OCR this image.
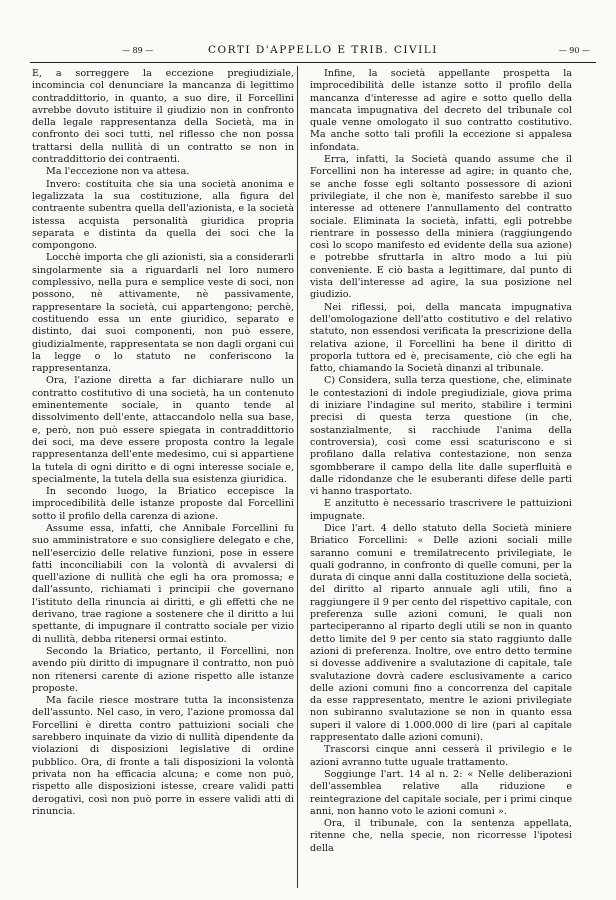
— 89 —	CORTI D'APPELLO E TRIB. CIVILI	— 90 —

E, a sorreggere la eccezione pregiudiziale, incomincia col denunciare la mancanza di legittimo contraddittorio, in quanto, a suo dire, il Forcellini avrebbe dovuto istituire il giudizio non in confronto della legale rappresentanza della Società, ma in confronto dei soci tutti, nel riflesso che non possa trattarsi della nullità di un contratto se non in contraddittorio dei contraenti.

Ma l'eccezione non va attesa.

Invero: costituita che sia una società anonima e legalizzata la sua costituzione, alla figura del contraente subentra quella dell'azionista, e la società istessa acquista personalità giuridica propria separata e distinta da quella dei soci che la compongono.

Locchè importa che gli azionisti, sia a considerarli singolarmente sia a riguardarli nel loro numero complessivo, nella pura e semplice veste di soci, non possono, nè attivamente, nè passivamente, rappresentare la società, cui appartengono; perchè, costituendo essa un ente giuridico, separato e distinto, dai suoi componenti, non può essere, giudizialmente, rappresentata se non dagli organi cui la legge o lo statuto ne conferiscono la rappresentanza.

Ora, l'azione diretta a far dichiarare nullo un contratto costitutivo di una società, ha un contenuto eminentemente sociale, in quanto tende al dissolvimento dell'ente, attaccandolo nella sua base, e, però, non può essere spiegata in contraddittorio dei soci, ma deve essere proposta contro la legale rappresentanza dell'ente medesimo, cui si appartiene la tutela di ogni diritto e di ogni interesse sociale e, specialmente, la tutela della sua esistenza giuridica.

In secondo luogo, la Briatico eccepisce la improcedibilità delle istanze proposte dal Forcellini sotto il profilo della carenza di azione.

Assume essa, infatti, che Annibale Forcellini fu suo amministratore e suo consigliere delegato e che, nell'esercizio delle relative funzioni, pose in essere fatti inconciliabili con la volontà di avvalersi di quell'azione di nullità che egli ha ora promossa; e dall'assunto, richiamati i principii che governano l'istituto della rinuncia ai diritti, e gli effetti che ne derivano, trae ragione a sostenere che il diritto a lui spettante, di impugnare il contratto sociale per vizio di nullità, debba ritenersi ormai estinto.

Secondo la Briatico, pertanto, il Forcellini, non avendo più diritto di impugnare il contratto, non può non ritenersi carente di azione rispetto alle istanze proposte.

Ma facile riesce mostrare tutta la inconsistenza dell'assunto. Nel caso, in vero, l'azione promossa dal Forcellini è diretta contro pattuizioni sociali che sarebbero inquinate da vizio di nullità dipendente da violazioni di disposizioni legislative di ordine pubblico. Ora, di fronte a tali disposizioni la volontà privata non ha efficacia alcuna; e come non può, rispetto alle disposizioni istesse, creare validi patti derogativi, così non può porre in essere validi atti di rinuncia.

Infine, la società appellante prospetta la improcedibilità delle istanze sotto il profilo della mancanza d'interesse ad agire e sotto quello della mancata impugnativa del decreto del tribunale col quale venne omologato il suo contratto costitutivo. Ma anche sotto tali profili la eccezione si appalesa infondata.

Erra, infatti, la Società quando assume che il Forcellini non ha interesse ad agire; in quanto che, se anche fosse egli soltanto possessore di azioni privilegiate, il che non è, manifesto sarebbe il suo interesse ad ottenere l'annullamento del contratto sociale. Eliminata la società, infatti, egli potrebbe rientrare in possesso della miniera (raggiungendo così lo scopo manifesto ed evidente della sua azione) e potrebbe sfruttarla in altro modo a lui più conveniente. E ciò basta a legittimare, dal punto di vista dell'interesse ad agire, la sua posizione nel giudizio.

Nei riflessi, poi, della mancata impugnativa dell'omologazione dell'atto costitutivo e del relativo statuto, non essendosi verificata la prescrizione della relativa azione, il Forcellini ha bene il diritto di proporla tuttora ed è, precisamente, ciò che egli ha fatto, chiamando la Società dinanzi al tribunale.

C) Considera, sulla terza questione, che, eliminate le contestazioni di indole pregiudiziale, giova prima di iniziare l'indagine sul merito, stabilire i termini precisi di questa terza questione (in che, sostanzialmente, si racchiude l'anima della controversia), così come essi scaturiscono e si profilano dalla relativa contestazione, non senza sgombberare il campo della lite dalle superfluità e dalle ridondanze che le esuberanti difese delle parti vi hanno trasportato.

E anzitutto è necessario trascrivere le pattuizioni impugnate.

Dice l'art. 4 dello statuto della Società miniere Briatico Forcellini: « Delle azioni sociali mille saranno comuni e tremilatrecento privilegiate, le quali godranno, in confronto di quelle comuni, per la durata di cinque anni dalla costituzione della società, del diritto al riparto annuale agli utili, fino a raggiungere il 9 per cento del rispettivo capitale, con preferenza sulle azioni comuni, le quali non parteciperanno al riparto degli utili se non in quanto detto limite del 9 per cento sia stato raggiunto dalle azioni di preferenza. Inoltre, ove entro detto termine si dovesse addivenire a svalutazione di capitale, tale svalutazione dovrà cadere esclusivamente a carico delle azioni comuni fino a concorrenza del capitale da esse rappresentato, mentre le azioni privilegiate non subiranno svalutazione se non in quanto essa superi il valore di 1.000.000 di lire (pari al capitale rappresentato dalle azioni comuni).

Trascorsi cinque anni cesserà il privilegio e le azioni avranno tutte uguale trattamento.

Soggiunge l'art. 14 al n. 2: « Nelle deliberazioni dell'assemblea relative alla riduzione e reintegrazione del capitale sociale, per i primi cinque anni, non hanno voto le azioni comuni ».

Ora, il tribunale, con la sentenza appellata, ritenne che, nella specie, non ricorresse l'ipotesi della
